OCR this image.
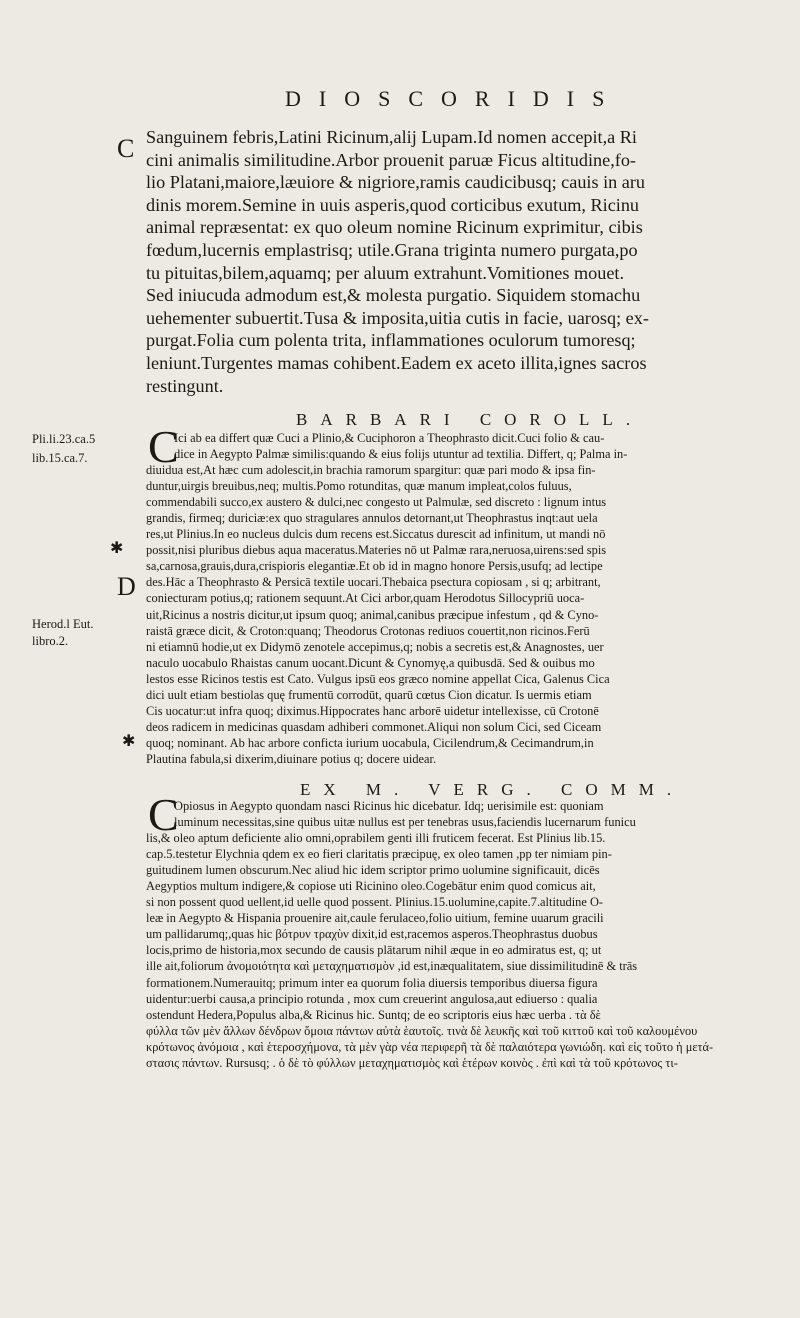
DIOSCORIDIS
C Sanguinem febris,Latini Ricinum,alij Lupam.Id nomen accepit,a Ri
cini animalis similitudine.Arbor prouenit paruæ Ficus altitudine,fo-
lio Platani,maiore,læuiore & nigriore,ramis caudicibusq; cauis in aru
dinis morem.Semine in uuis asperis,quod corticibus exutum, Ricinu
animal repræsentat: ex quo oleum nomine Ricinum exprimitur, cibis
fœdum,lucernis emplastrisq; utile.Grana triginta numero purgata,po
tu pituitas,bilem,aquamq; per aluum extrahunt.Vomitiones mouet.
Sed iniucuda admodum est,& molesta purgatio. Siquidem stomachu
uehementer subuertit.Tusa & imposita,uitia cutis in facie, uarosq; ex-
purgat.Folia cum polenta trita, inflammationes oculorum tumoresq;
leniunt.Turgentes mamas cohibent.Eadem ex aceto illita,ignes sacros
restingunt.
BARBARI COROLL.
C
Pli.li.23.ca.5
lib.15.ca.7.
Ici ab ea differt quæ Cuci a Plinio,& Cuciphoron a Theophrasto dicit.Cuci folio & cau-
dice in Aegypto Palmæ similis:quando & eius folijs utuntur ad textilia. Differt, q; Palma in-
diuidua est,At hæc cum adolescit,in brachia ramorum spargitur: quæ pari modo & ipsa fin-
duntur,uirgis breuibus,neq; multis.Pomo rotunditas, quæ manum impleat,colos fuluus,
commendabili succo,ex austero & dulci,nec congesto ut Palmulæ, sed discreto : lignum intus
grandis, firmeq; duriciæ:ex quo stragulares annulos detornant,ut Theophrastus inqt:aut uela
res,ut Plinius.In eo nucleus dulcis dum recens est.Siccatus durescit ad infinitum, ut mandi nō
possit,nisi pluribus diebus aqua maceratus.Materies nō ut Palmæ rara,neruosa,uirens:sed spis
sa,carnosa,grauis,dura,crispioris elegantiæ.Et ob id in magno honore Persis,usufq; ad lectipe
des.Hāc a Theophrasto & Persicā textile uocari.Thebaica psectura copiosam , si q; arbitrant,
coniecturam potius,q; rationem sequunt.At Cici arbor,quam Herodotus Sillocypriū uoca-
uit,Ricinus a nostris dicitur,ut ipsum quoq; animal,canibus præcipue infestum , qd & Cyno-
raistā græce dicit, & Croton:quanq; Theodorus Crotonas rediuos couertit,non ricinos.Ferū
ni etiamnū hodie,ut ex Didymō zenotele accepimus,q; nobis a secretis est,& Anagnostes, uer
naculo uocabulo Rhaistas canum uocant.Dicunt & Cynomyę,a quibusdā. Sed & ouibus mo
lestos esse Ricinos testis est Cato. Vulgus ipsū eos græco nomine appellat Cica, Galenus Cica
dici uult etiam bestiolas quę frumentū corrodūt, quarū cœtus Cion dicatur. Is uermis etiam
Cis uocatur:ut infra quoq; diximus.Hippocrates hanc arborē uidetur intellexisse, cū Crotonē
deos radicem in medicinas quasdam adhiberi commonet.Aliqui non solum Cici, sed Ciceam
quoq; nominant. Ab hac arbore conficta iurium uocabula, Cicilendrum,& Cecimandrum,in
Plautina fabula,si dixerim,diuinare potius q; docere uidear.
✱
D
Herod.l Eut.
libro.2.
✱
EX M. VERG. COMM.
C
Opiosus in Aegypto quondam nasci Ricinus hic dicebatur. Idq; uerisimile est: quoniam
luminum necessitas,sine quibus uitæ nullus est per tenebras usus,faciendis lucernarum funicu
lis,& oleo aptum deficiente alio omni,oprabilem genti illi fruticem fecerat. Est Plinius lib.15.
cap.5.testetur Elychnia qdem ex eo fieri claritatis præcipuę, ex oleo tamen ,pp ter nimiam pin-
guitudinem lumen obscurum.Nec aliud hic idem scriptor primo uolumine significauit, dicēs
Aegyptios multum indigere,& copiose uti Ricinino oleo.Cogebātur enim quod comicus ait,
si non possent quod uellent,id uelle quod possent. Plinius.15.uolumine,capite.7.altitudine O-
leæ in Aegypto & Hispania prouenire ait,caule ferulaceo,folio uitium, femine uuarum gracili
um pallidarumq;,quas hic βότρυν τραχὺν dixit,id est,racemos asperos.Theophrastus duobus
locis,primo de historia,mox secundo de causis plātarum nihil æque in eo admiratus est, q; ut
ille ait,foliorum ἀνομοιότητα καὶ μεταχηματισμὸν ,id est,inæqualitatem, siue dissimilitudinē & trās
formationem.Numerauitq; primum inter ea quorum folia diuersis temporibus diuersa figura
uidentur:uerbi causa,a principio rotunda , mox cum creuerint angulosa,aut ediuerso : qualia
ostendunt Hedera,Populus alba,& Ricinus hic. Suntq; de eo scriptoris eius hæc uerba . τὰ δὲ
φύλλα τῶν μὲν ἄλλων δένδρων ὅμοια πάντων αὐτὰ ἑαυτοῖς. τινὰ δὲ λευκῆς καὶ τοῦ κιττοῦ καὶ τοῦ καλουμένου
κρότωνος ἀνόμοια , καὶ ἑτεροσχήμονα, τὰ μὲν γὰρ νέα περιφερῆ τὰ δὲ παλαιότερα γωνιώδη. καὶ εἰς τοῦτο ἡ μετά-
στασις πάντων. Rursusq; . ὁ δὲ τὸ φύλλων μεταχηματισμὸς καὶ ἑτέρων κοινὸς . ἐπὶ καὶ τὰ τοῦ κρότωνος τι-
